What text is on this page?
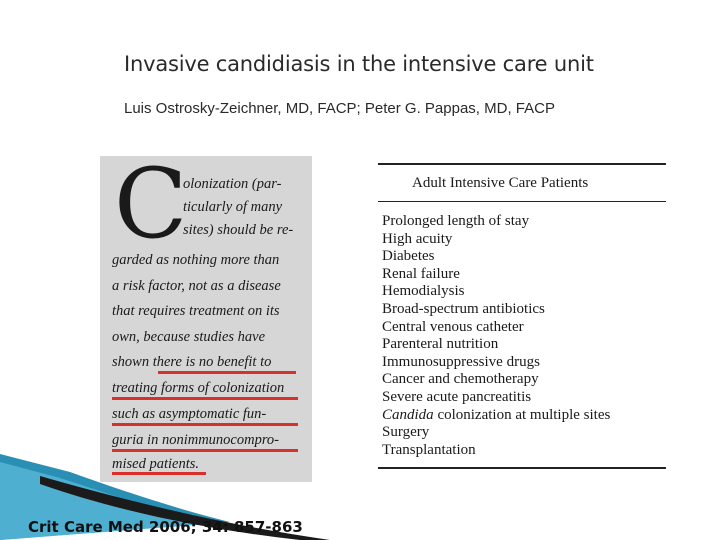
Invasive candidiasis in the intensive care unit
Luis Ostrosky-Zeichner, MD, FACP; Peter G. Pappas, MD, FACP
C
olonization (par-
ticularly of many
sites) should be re-
garded as nothing more than
a risk factor, not as a disease
that requires treatment on its
own, because studies have
shown there is no benefit to
treating forms of colonization
such as asymptomatic fun-
guria in nonimmunocompro-
mised patients.
Adult Intensive Care Patients
Prolonged length of stay
High acuity
Diabetes
Renal failure
Hemodialysis
Broad-spectrum antibiotics
Central venous catheter
Parenteral nutrition
Immunosuppressive drugs
Cancer and chemotherapy
Severe acute pancreatitis
Candida colonization at multiple sites
Surgery
Transplantation
Crit Care Med 2006; 34: 857-863
